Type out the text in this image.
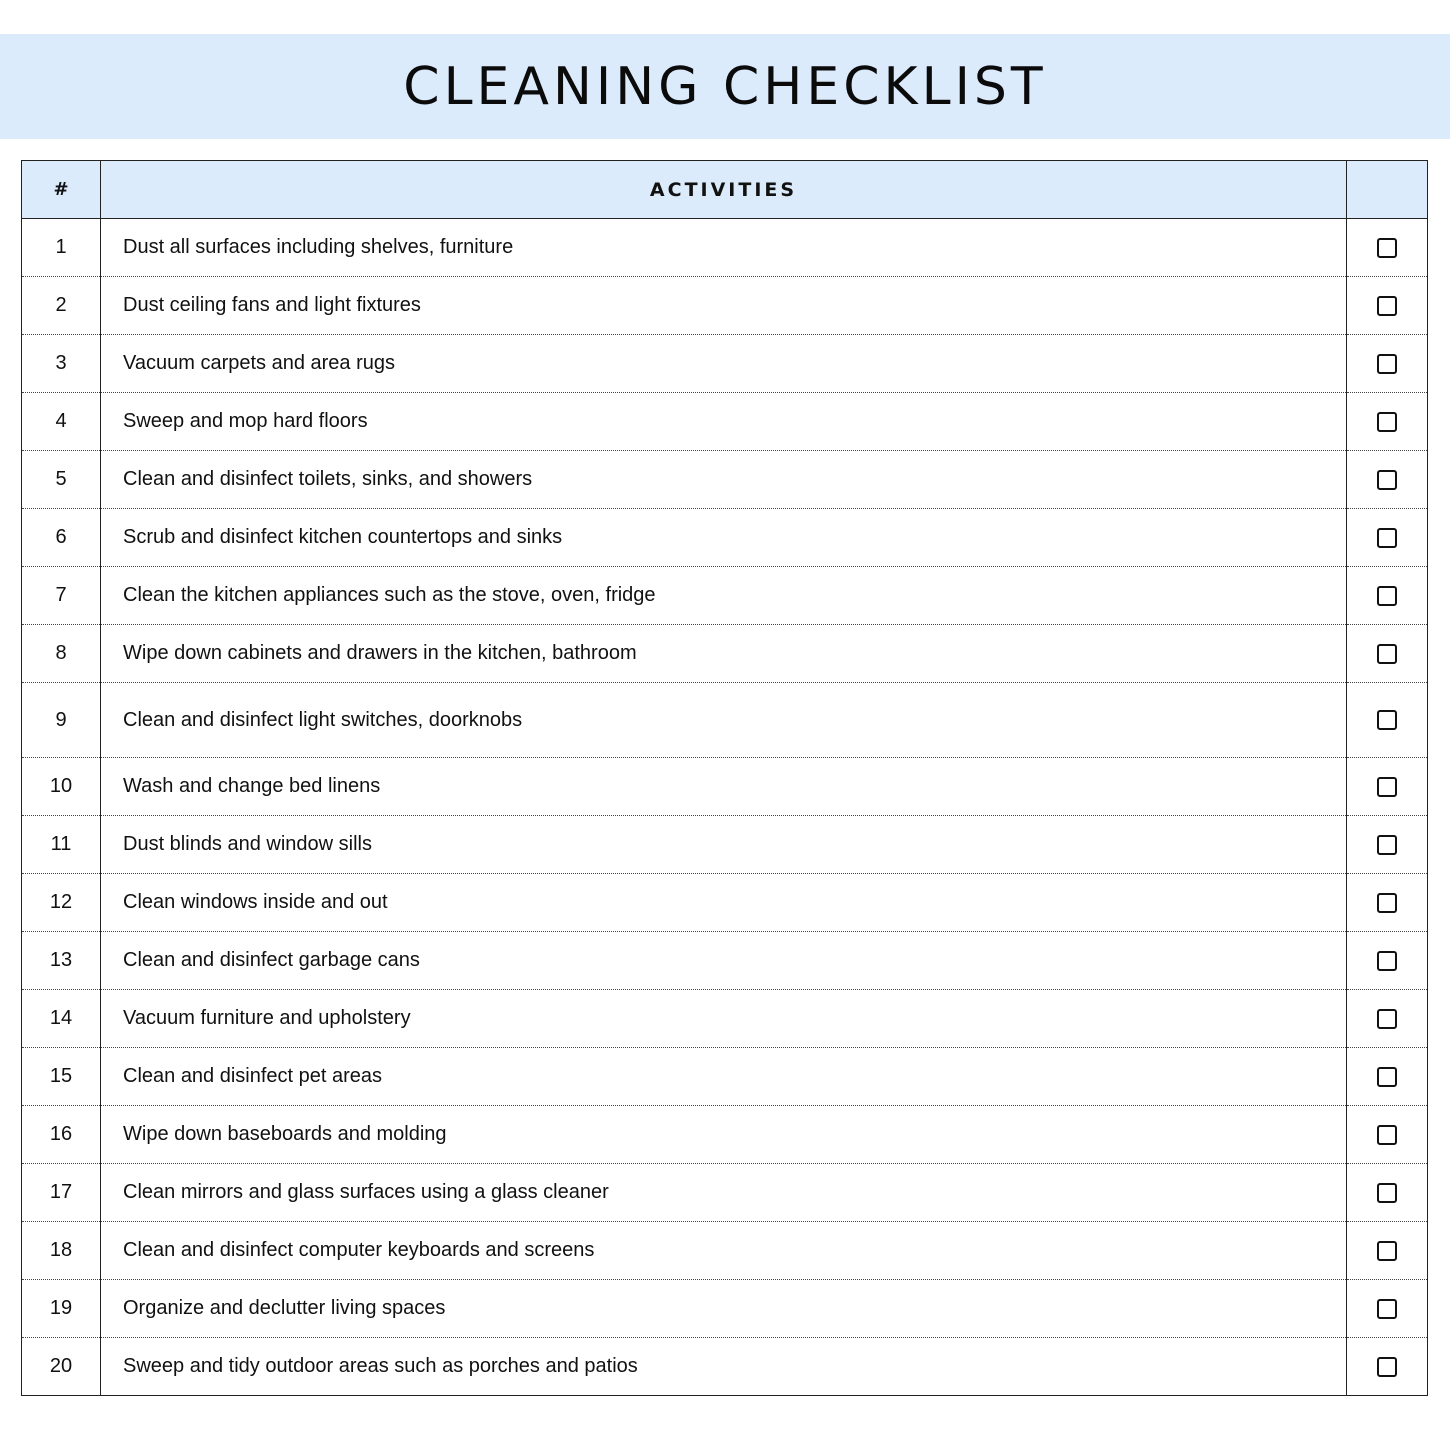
CLEANING CHECKLIST
#	ACTIVITIES	
1	Dust all surfaces including shelves, furniture	
2	Dust ceiling fans and light fixtures	
3	Vacuum carpets and area rugs	
4	Sweep and mop hard floors	
5	Clean and disinfect toilets, sinks, and showers	
6	Scrub and disinfect kitchen countertops and sinks	
7	Clean the kitchen appliances such as the stove, oven, fridge	
8	Wipe down cabinets and drawers in the kitchen, bathroom	
9	Clean and disinfect light switches, doorknobs	
10	Wash and change bed linens	
11	Dust blinds and window sills	
12	Clean windows inside and out	
13	Clean and disinfect garbage cans	
14	Vacuum furniture and upholstery	
15	Clean and disinfect pet areas	
16	Wipe down baseboards and molding	
17	Clean mirrors and glass surfaces using a glass cleaner	
18	Clean and disinfect computer keyboards and screens	
19	Organize and declutter living spaces	
20	Sweep and tidy outdoor areas such as porches and patios	
